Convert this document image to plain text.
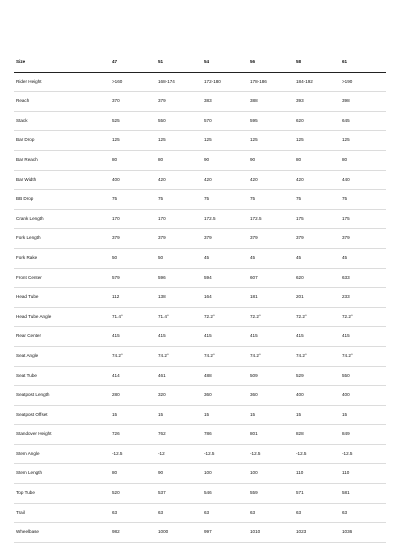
Size	47	51	54	56	58	61
Rider Height	>160	168-174	172-180	178-186	184-192	>190
Reach	370	379	383	388	393	398
Stack	525	550	570	595	620	645
Bar Drop	125	125	125	125	125	125
Bar Reach	80	80	90	90	80	80
Bar Width	400	420	420	420	420	440
BB Drop	75	75	75	75	75	75
Crank Length	170	170	172.5	172.5	175	175
Fork Length	379	379	379	379	379	379
Fork Rake	50	50	45	45	45	45
Front Center	579	596	594	607	620	633
Head Tube	112	138	164	181	201	233
Head Tube Angle	71.4°	71.4°	72.2°	72.2°	72.2°	72.2°
Rear Center	415	415	415	415	415	415
Seat Angle	74.2°	74.2°	74.2°	74.2°	74.2°	74.2°
Seat Tube	414	461	488	509	529	550
Seatpost Length	280	320	360	360	400	400
Seatpost Offset	15	15	15	15	15	15
Standover Height	726	762	786	801	828	849
Stem Angle	-12.5	-12	-12.5	-12.5	-12.5	-12.5
Stem Length	80	90	100	100	110	110
Top Tube	520	537	546	559	571	581
Trail	63	63	63	63	63	63
Wheelbase	982	1000	997	1010	1023	1036
